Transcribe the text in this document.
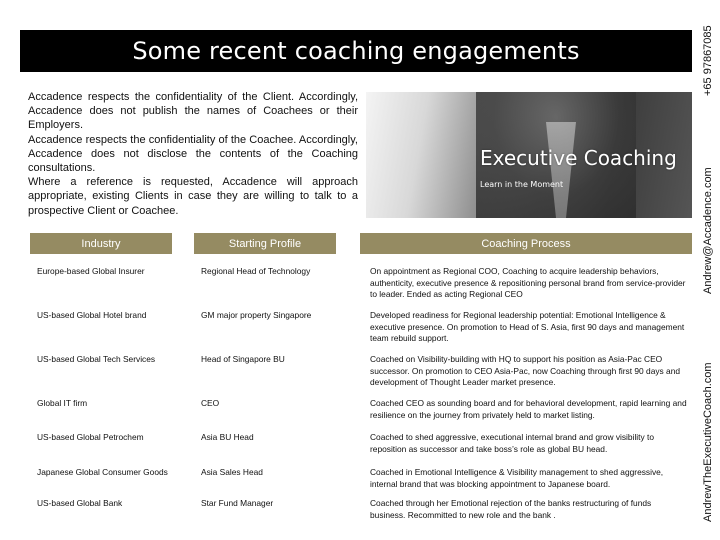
Some recent coaching engagements

Accadence respects the confidentiality of the Client. Accordingly, Accadence does not publish the names of Coachees or their Employers.

Accadence respects the confidentiality of the Coachee. Accordingly, Accadence does not disclose the contents of the Coaching consultations.

Where a reference is requested, Accadence will approach appropriate, existing Clients in case they are willing to talk to a prospective Client or Coachee.

Executive Coaching
Learn in the Moment
Industry	Starting Profile	Coaching Process
Europe-based Global Insurer	Regional Head of Technology	On appointment as Regional COO, Coaching to acquire leadership behaviors, authenticity, executive presence & repositioning personal brand from service-provider to leader. Ended as acting Regional CEO
US-based Global Hotel brand	GM major property Singapore	Developed readiness for Regional leadership potential: Emotional Intelligence & executive presence. On promotion to Head of S. Asia, first 90 days and management team rebuild support.
US-based Global Tech Services	Head of Singapore BU	Coached on Visibility-building with HQ to support his position as Asia-Pac CEO successor. On promotion to CEO Asia-Pac, now Coaching through first 90 days and development of Thought Leader market presence.
Global IT firm	CEO	Coached CEO as sounding board and for behavioral development, rapid learning and resilience on the journey from privately held to market listing.
US-based Global Petrochem	Asia BU Head	Coached to shed aggressive, executional internal brand and grow visibility to reposition as successor and take boss’s role as global BU head.
Japanese Global Consumer Goods	Asia Sales Head	Coached in Emotional Intelligence & Visibility management to shed aggressive, internal brand that was blocking appointment to Japanese board.
US-based Global Bank	Star Fund Manager	Coached through her Emotional rejection of the banks restructuring of funds business. Recommitted to new role and the bank .
+65 97867085
Andrew@Accadence.com
AndrewTheExecutiveCoach.com
